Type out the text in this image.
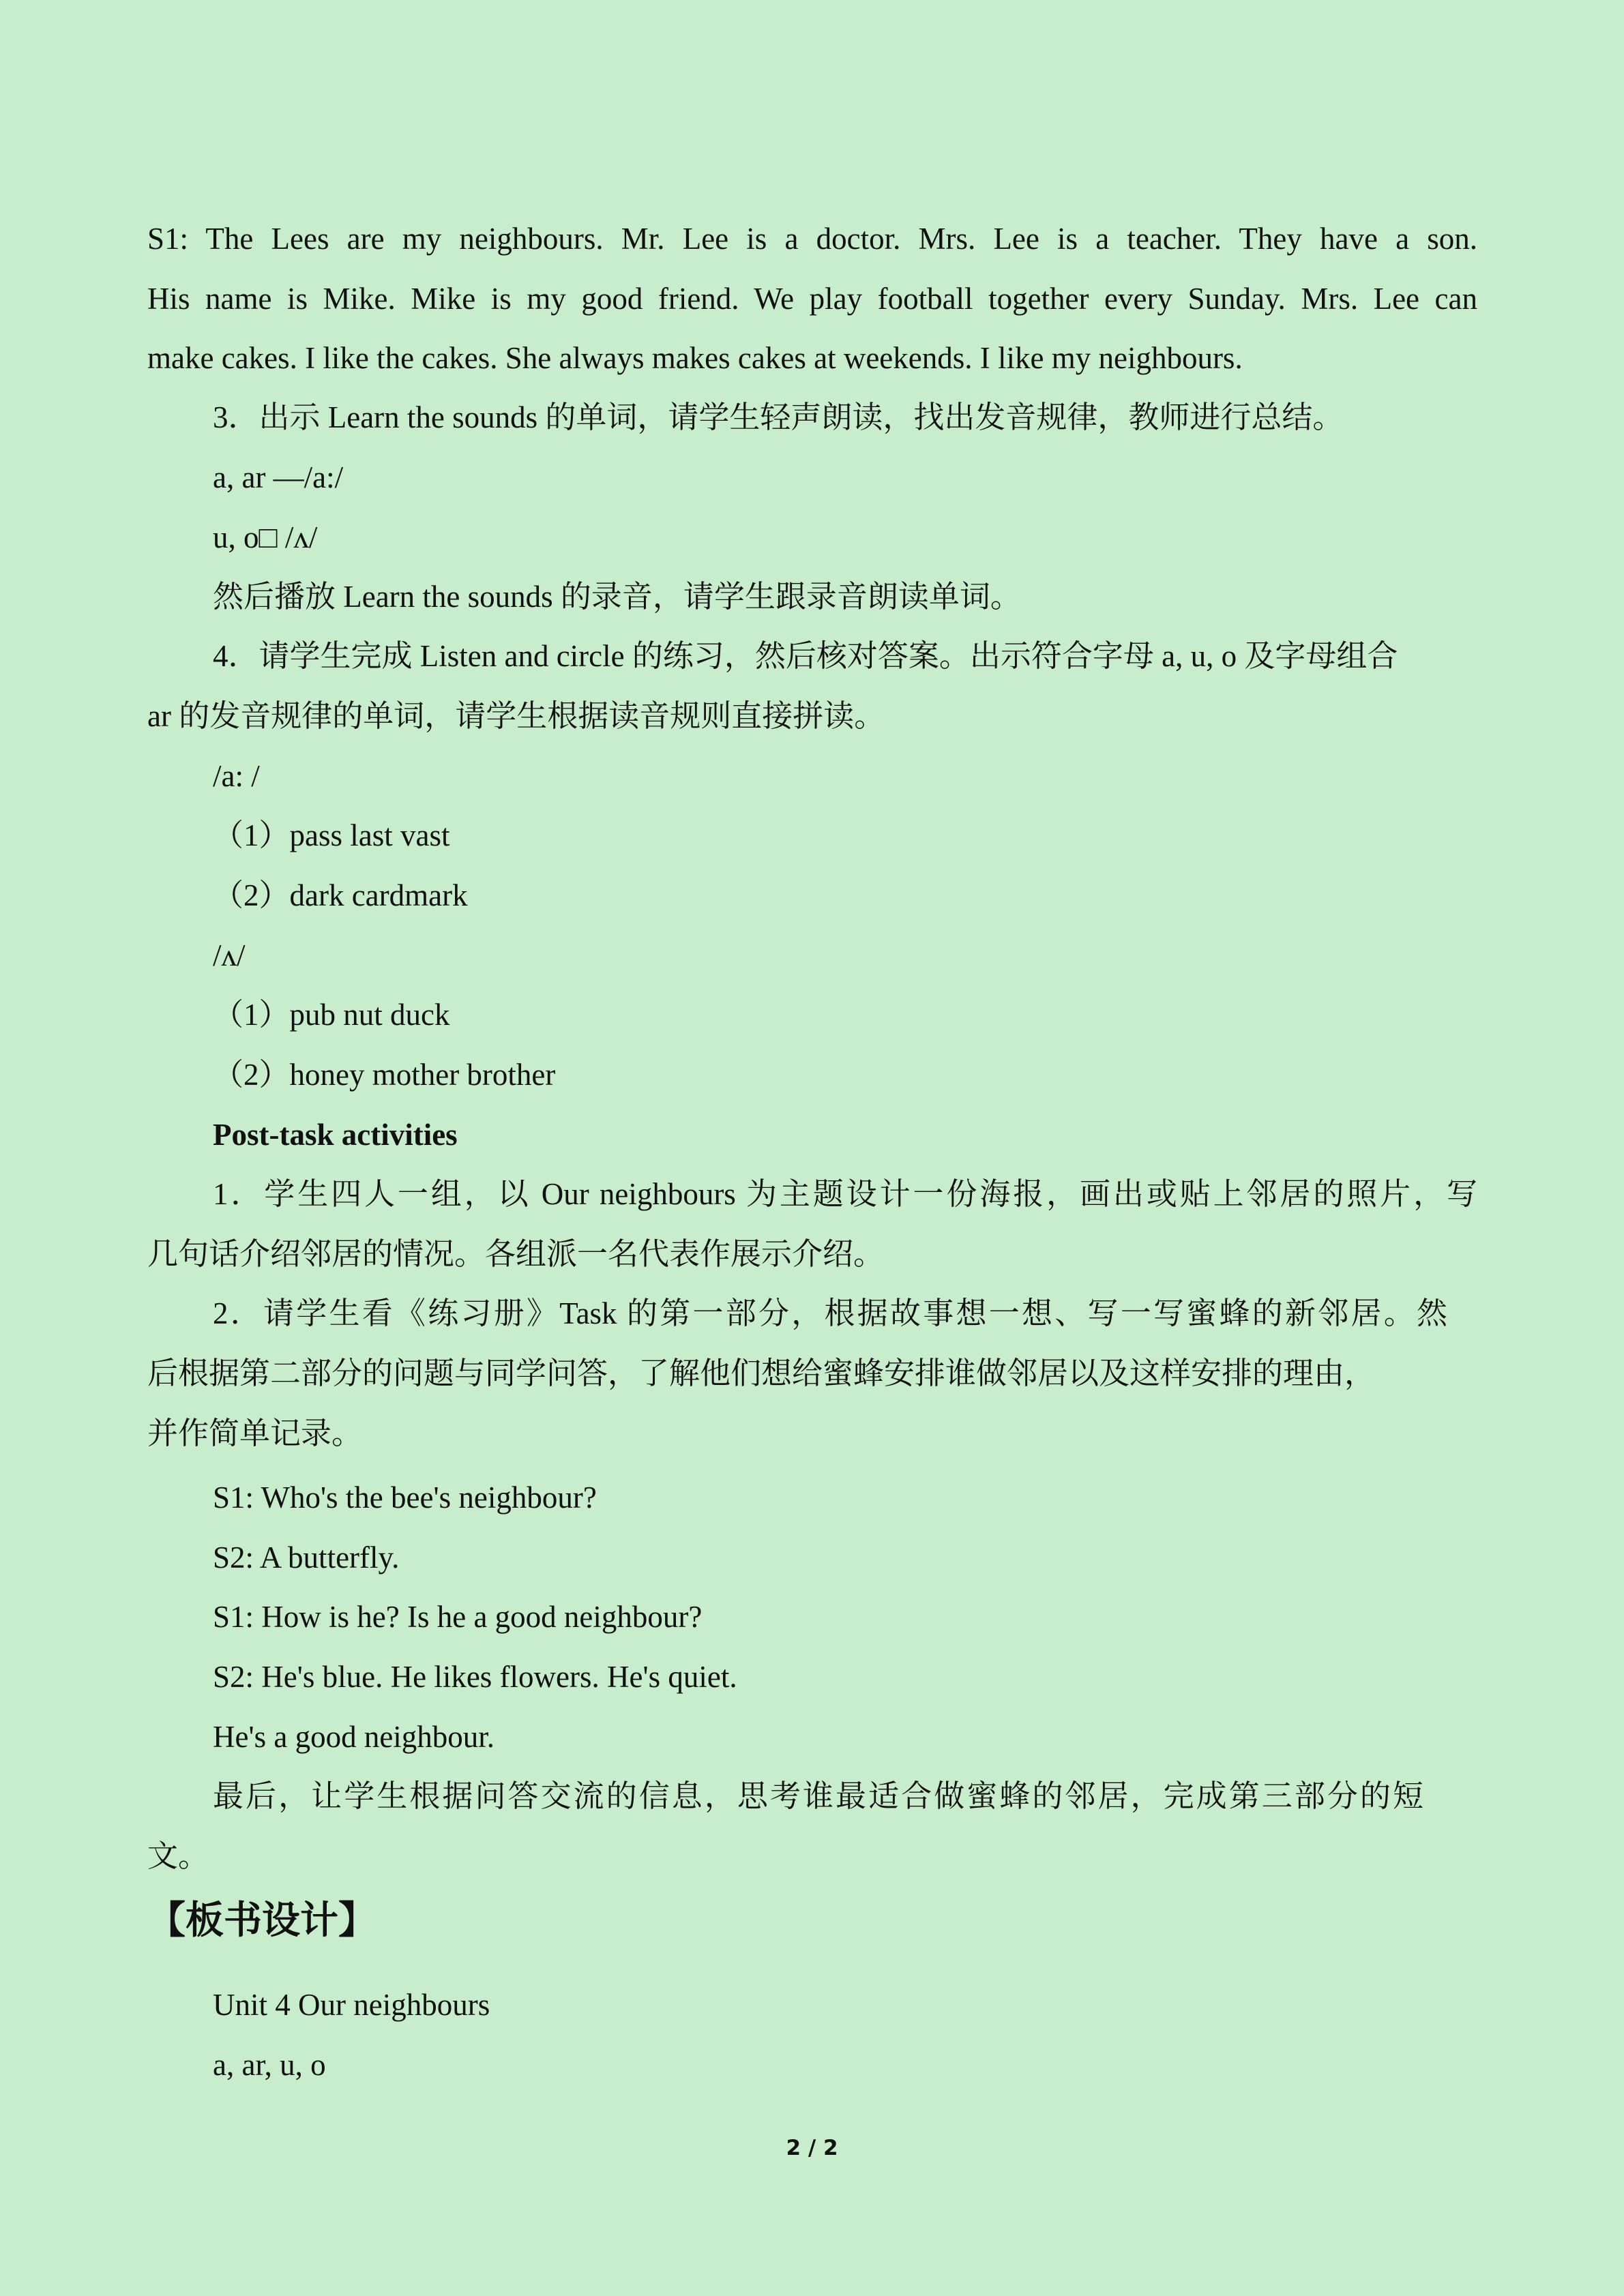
S1: The Lees are my neighbours. Mr. Lee is a doctor. Mrs. Lee is a teacher. They have a son.
His name is Mike. Mike is my good friend. We play football together every Sunday. Mrs. Lee can
make cakes. I like the cakes. She always makes cakes at weekends. I like my neighbours.
3．出示 Learn the sounds 的单词，请学生轻声朗读，找出发音规律，教师进行总结。
a, ar —/a:/
u, o□ /ʌ/
然后播放 Learn the sounds 的录音，请学生跟录音朗读单词。
4．请学生完成 Listen and circle 的练习，然后核对答案。出示符合字母 a, u, o 及字母组合
ar 的发音规律的单词，请学生根据读音规则直接拼读。
/a: /
（1）pass last vast
（2）dark cardmark
/ʌ/
（1）pub nut duck
（2）honey mother brother
Post-task activities
1．学生四人一组，以 Our neighbours 为主题设计一份海报，画出或贴上邻居的照片，写
几句话介绍邻居的情况。各组派一名代表作展示介绍。
2．请学生看《练习册》Task 的第一部分，根据故事想一想、写一写蜜蜂的新邻居。然
后根据第二部分的问题与同学问答，了解他们想给蜜蜂安排谁做邻居以及这样安排的理由，
并作简单记录。
S1: Who's the bee's neighbour?
S2: A butterfly.
S1: How is he? Is he a good neighbour?
S2: He's blue. He likes flowers. He's quiet.
He's a good neighbour.
最后，让学生根据问答交流的信息，思考谁最适合做蜜蜂的邻居，完成第三部分的短
文。
【板书设计】
Unit 4 Our neighbours
a, ar, u, o
2 / 2
